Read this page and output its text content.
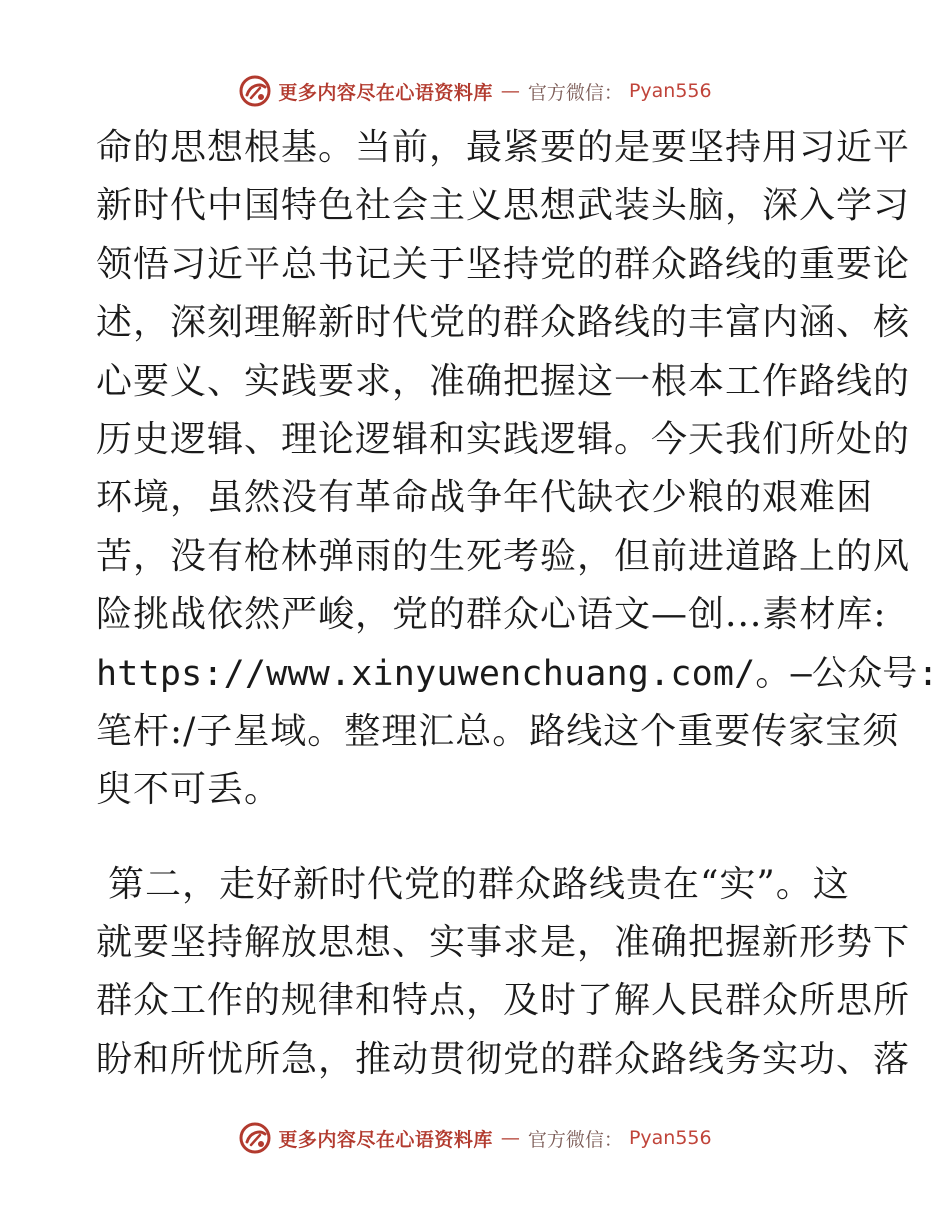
更多内容尽在心语资料库 — 官方微信： Pyan556
命的思想根基。当前，最紧要的是要坚持用习近平
新时代中国特色社会主义思想武装头脑，深入学习
领悟习近平总书记关于坚持党的群众路线的重要论
述，深刻理解新时代党的群众路线的丰富内涵、核
心要义、实践要求，准确把握这一根本工作路线的
历史逻辑、理论逻辑和实践逻辑。今天我们所处的
环境，虽然没有革命战争年代缺衣少粮的艰难困
苦，没有枪林弹雨的生死考验，但前进道路上的风
险挑战依然严峻，党的群众心语文—创...素材库:
https://www.xinyuwenchuang.com/。—公众号:
笔杆:/子星域。整理汇总。路线这个重要传家宝须
臾不可丢。
第二，走好新时代党的群众路线贵在“实”。这
就要坚持解放思想、实事求是，准确把握新形势下
群众工作的规律和特点，及时了解人民群众所思所
盼和所忧所急，推动贯彻党的群众路线务实功、落
更多内容尽在心语资料库 — 官方微信： Pyan556
